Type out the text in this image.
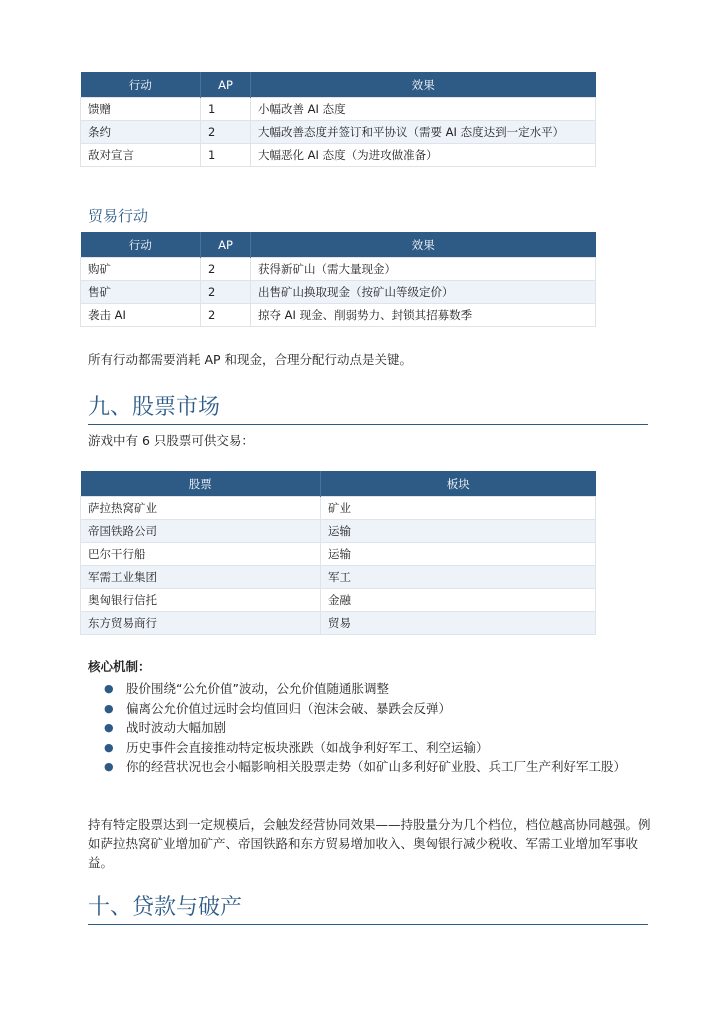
行动	AP	效果
馈赠	1	小幅改善 AI 态度
条约	2	大幅改善态度并签订和平协议（需要 AI 态度达到一定水平）
敌对宣言	1	大幅恶化 AI 态度（为进攻做准备）
贸易行动
行动	AP	效果
购矿	2	获得新矿山（需大量现金）
售矿	2	出售矿山换取现金（按矿山等级定价）
袭击 AI	2	掠夺 AI 现金、削弱势力、封锁其招募数季
所有行动都需要消耗 AP 和现金，合理分配行动点是关键。
九、股票市场
游戏中有 6 只股票可供交易：
股票	板块
萨拉热窝矿业	矿业
帝国铁路公司	运输
巴尔干行船	运输
军需工业集团	军工
奥匈银行信托	金融
东方贸易商行	贸易
核心机制：
● 股价围绕“公允价值”波动，公允价值随通胀调整
● 偏离公允价值过远时会均值回归（泡沫会破、暴跌会反弹）
● 战时波动大幅加剧
● 历史事件会直接推动特定板块涨跌（如战争利好军工、利空运输）
● 你的经营状况也会小幅影响相关股票走势（如矿山多利好矿业股、兵工厂生产利好军工股）
持有特定股票达到一定规模后，会触发经营协同效果——持股量分为几个档位，档位越高协同越强。例如萨拉热窝矿业增加矿产、帝国铁路和东方贸易增加收入、奥匈银行减少税收、军需工业增加军事收益。
十、贷款与破产
